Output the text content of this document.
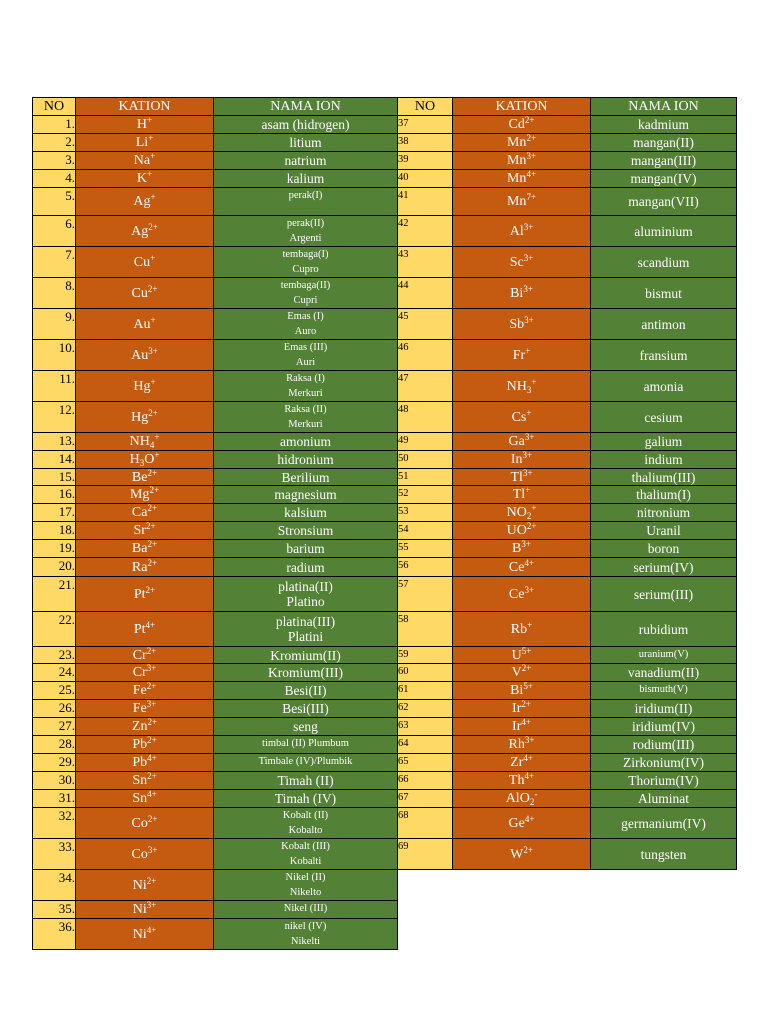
NO	KATION	NAMA ION	NO	KATION	NAMA ION
1.	H+	asam (hidrogen)	37	$Cd^{2+}$	kadmium

2.	Li+	litium	38	$Mn^{2+}$	mangan(II)

3.	Na+	natrium	39	$Mn^{3+}$	mangan(III)

4.	K+	kalium	40	$Mn^{4+}$	mangan(IV)

5.	Ag+	perak(I)	41	$Mn^{7+}$	mangan(VII)

6.	$Ag^{2+}$	perak(II)
Argenti	42	$Al^{3+}$	aluminium

7.	Cu+	tembaga(I)
Cupro	43	$Sc^{3+}$	scandium

8.	$Cu^{2+}$	tembaga(II)
Cupri	44	$Bi^{3+}$	bismut

9.	Au+	Emas (I)
Auro	45	$Sb^{3+}$	antimon

10.	$Au^{3+}$	Emas (III)
Auri	46	Fr+	fransium

11.	Hg+	Raksa (I)
Merkuri	47	$NH_3^+$	amonia

12.	$Hg^{2+}$	Raksa (II)
Merkuri	48	Cs+	cesium

13.	$NH_4^+$	amonium	49	$Ga^{3+}$	galium

14.	$H_3O^+$	hidronium	50	$In^{3+}$	indium

15.	$Be^{2+}$	Berilium	51	$Tl^{3+}$	thalium(III)

16.	$Mg^{2+}$	magnesium	52	Tl+	thalium(I)

17.	$Ca^{2+}$	kalsium	53	$NO_2^+$	nitronium

18.	$Sr^{2+}$	Stronsium	54	$UO^{2+}$	Uranil

19.	$Ba^{2+}$	barium	55	$B^{3+}$	boron

20.	$Ra^{2+}$	radium	56	$Ce^{4+}$	serium(IV)

21.	$Pt^{2+}$	platina(II)
Platino	57	$Ce^{3+}$	serium(III)

22.	$Pt^{4+}$	platina(III)
Platini	58	Rb+	rubidium

23.	$Cr^{2+}$	Kromium(II)	59	$U^{5+}$	uranium(V)

24.	$Cr^{3+}$	Kromium(III)	60	$V^{2+}$	vanadium(II)

25.	$Fe^{2+}$	Besi(II)	61	$Bi^{5+}$	bismuth(V)

26.	$Fe^{3+}$	Besi(III)	62	$Ir^{2+}$	iridium(II)

27.	$Zn^{2+}$	seng	63	$Ir^{4+}$	iridium(IV)

28.	$Pb^{2+}$	timbal (II) Plumbum	64	$Rh^{3+}$	rodium(III)

29.	$Pb^{4+}$	Timbale (IV)/Plumbik	65	$Zr^{4+}$	Zirkonium(IV)

30.	$Sn^{2+}$	Timah (II)	66	$Th^{4+}$	Thorium(IV)

31.	$Sn^{4+}$	Timah (IV)	67	AlO$_2$-	Aluminat

32.	$Co^{2+}$	Kobalt (II)
Kobalto	68	$Ge^{4+}$	germanium(IV)

33.	$Co^{3+}$	Kobalt (III)
Kobalti	69	$W^{2+}$	tungsten

34.	$Ni^{2+}$	Nikel (II)
Nikelto			

35.	$Ni^{3+}$	Nikel (III)			

36.	$Ni^{4+}$	nikel (IV)
Nikelti			
